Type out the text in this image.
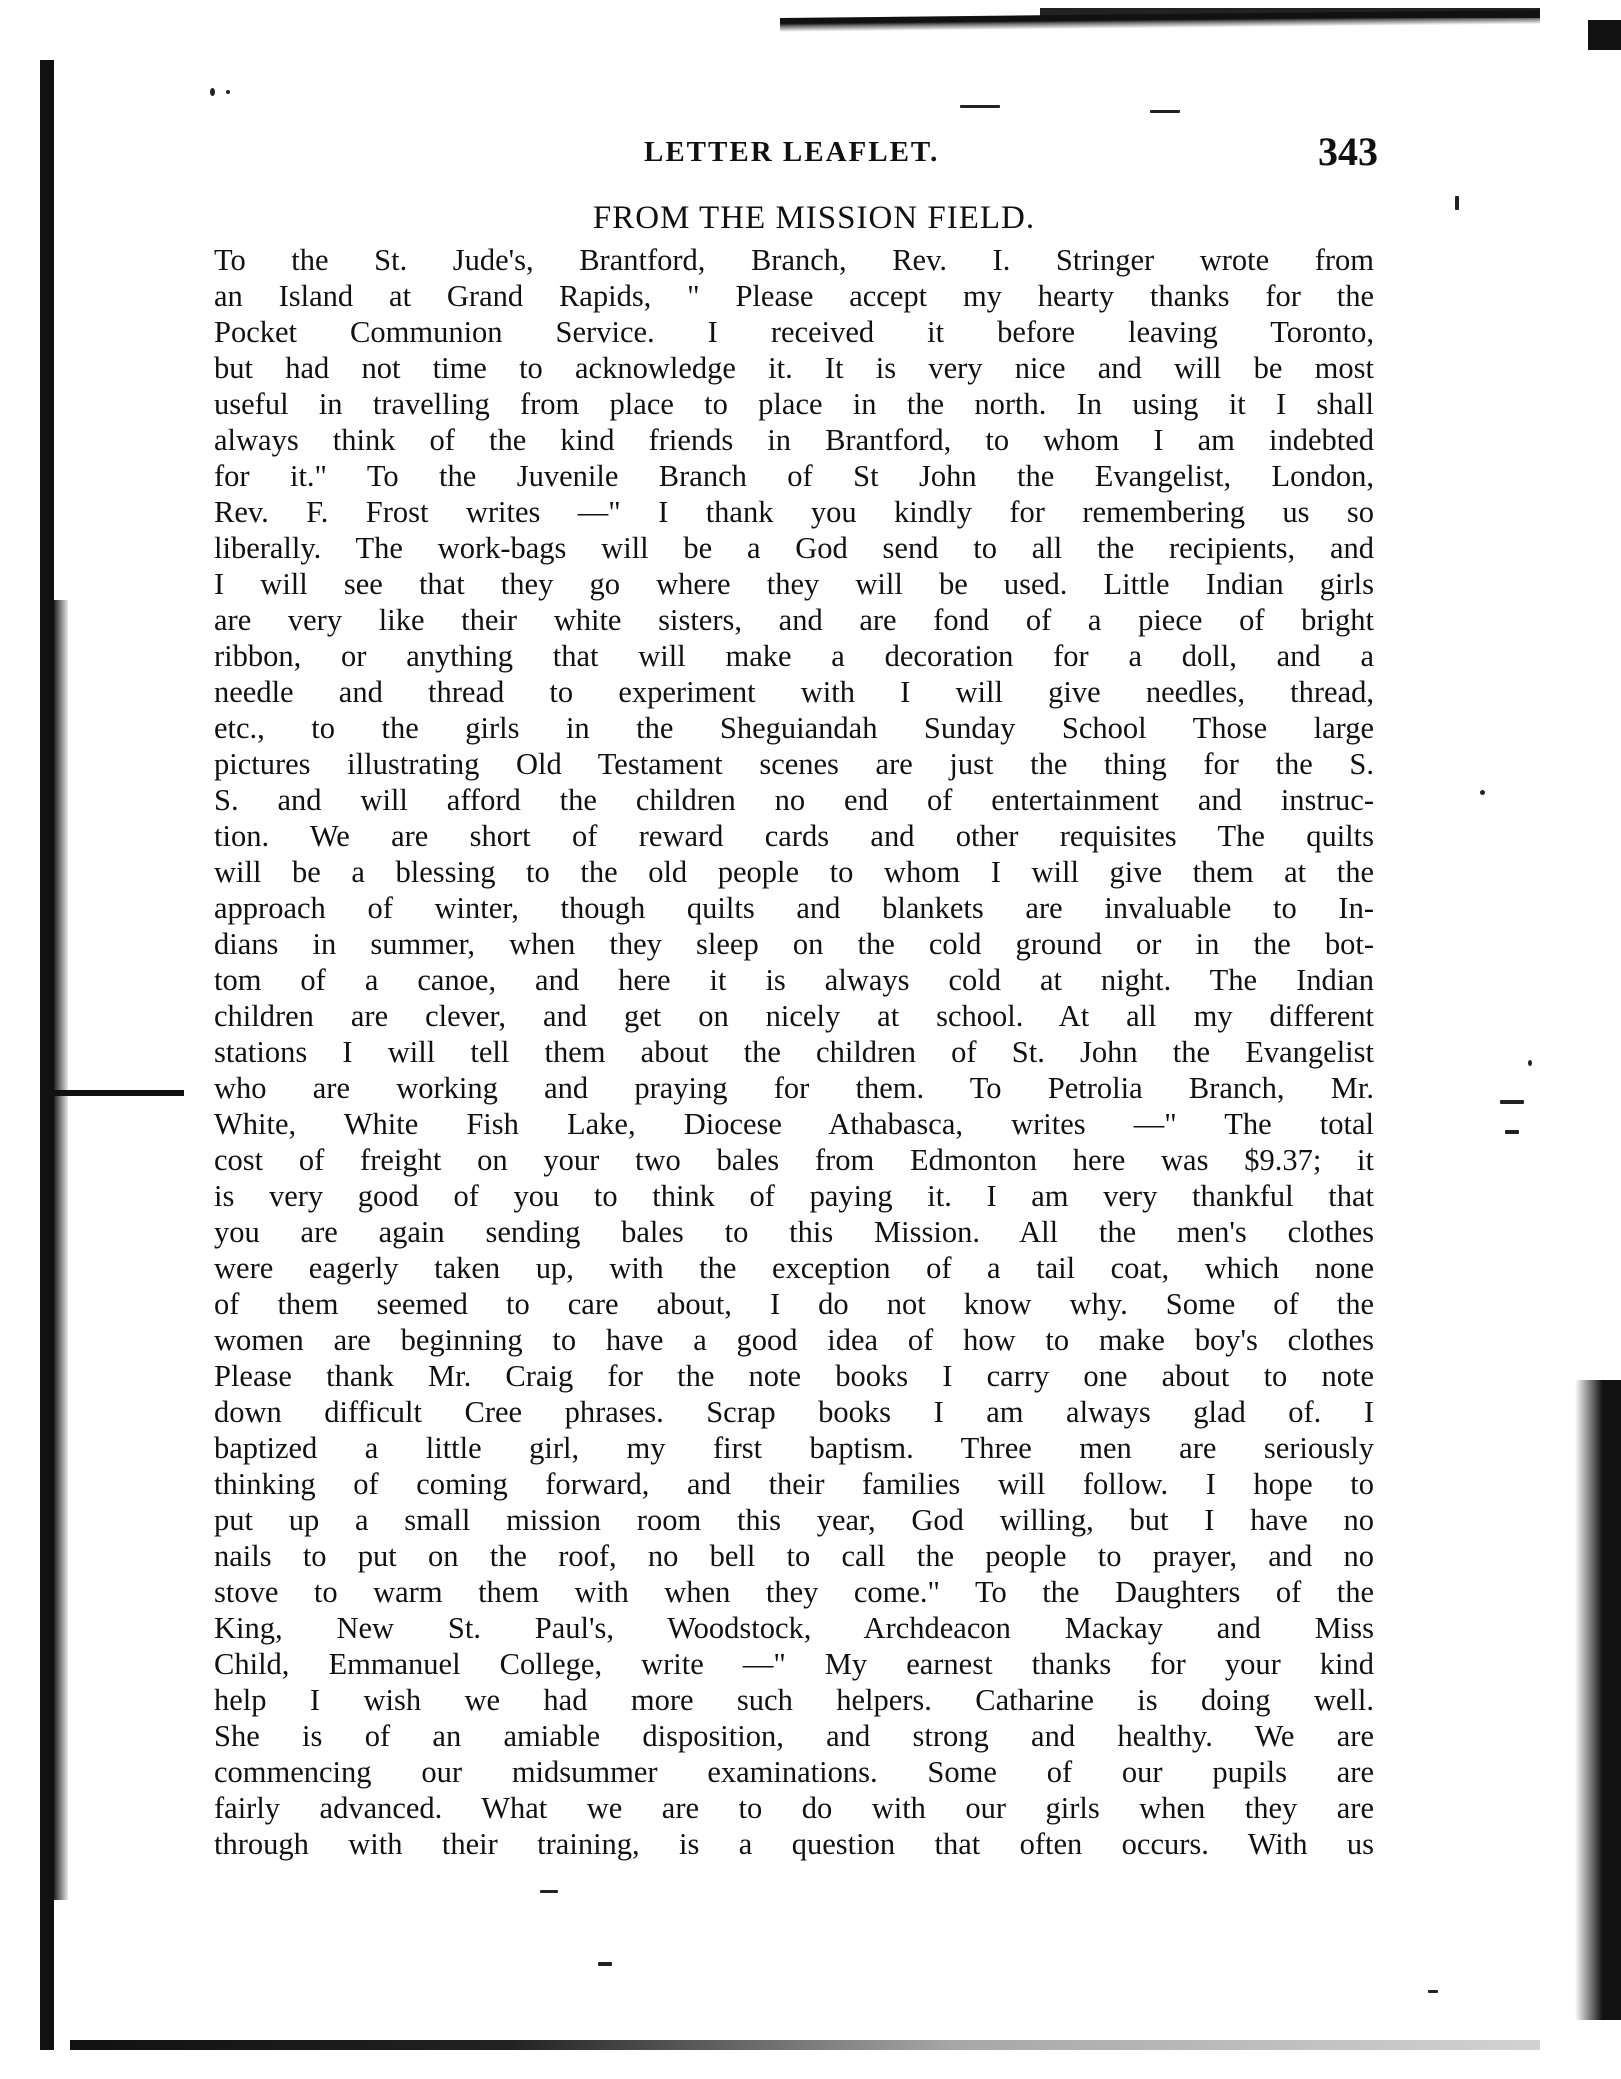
LETTER LEAFLET.	343
FROM THE MISSION FIELD.
To the St. Jude's, Brantford, Branch, Rev. I. Stringer wrote from
an Island at Grand Rapids, " Please accept my hearty thanks for the
Pocket Communion Service. I received it before leaving Toronto,
but had not time to acknowledge it. It is very nice and will be most
useful in travelling from place to place in the north. In using it I shall
always think of the kind friends in Brantford, to whom I am indebted
for it." To the Juvenile Branch of St John the Evangelist, London,
Rev. F. Frost writes —" I thank you kindly for remembering us so
liberally. The work-bags will be a God send to all the recipients, and
I will see that they go where they will be used. Little Indian girls
are very like their white sisters, and are fond of a piece of bright
ribbon, or anything that will make a decoration for a doll, and a
needle and thread to experiment with I will give needles, thread,
etc., to the girls in the Sheguiandah Sunday School Those large
pictures illustrating Old Testament scenes are just the thing for the S.
S. and will afford the children no end of entertainment and instruc-
tion. We are short of reward cards and other requisites The quilts
will be a blessing to the old people to whom I will give them at the
approach of winter, though quilts and blankets are invaluable to In-
dians in summer, when they sleep on the cold ground or in the bot-
tom of a canoe, and here it is always cold at night. The Indian
children are clever, and get on nicely at school. At all my different
stations I will tell them about the children of St. John the Evangelist
who are working and praying for them. To Petrolia Branch, Mr.
White, White Fish Lake, Diocese Athabasca, writes —" The total
cost of freight on your two bales from Edmonton here was $9.37; it
is very good of you to think of paying it. I am very thankful that
you are again sending bales to this Mission. All the men's clothes
were eagerly taken up, with the exception of a tail coat, which none
of them seemed to care about, I do not know why. Some of the
women are beginning to have a good idea of how to make boy's clothes
Please thank Mr. Craig for the note books I carry one about to note
down difficult Cree phrases. Scrap books I am always glad of. I
baptized a little girl, my first baptism. Three men are seriously
thinking of coming forward, and their families will follow. I hope to
put up a small mission room this year, God willing, but I have no
nails to put on the roof, no bell to call the people to prayer, and no
stove to warm them with when they come." To the Daughters of the
King, New St. Paul's, Woodstock, Archdeacon Mackay and Miss
Child, Emmanuel College, write —" My earnest thanks for your kind
help I wish we had more such helpers. Catharine is doing well.
She is of an amiable disposition, and strong and healthy. We are
commencing our midsummer examinations. Some of our pupils are
fairly advanced. What we are to do with our girls when they are
through with their training, is a question that often occurs. With us
